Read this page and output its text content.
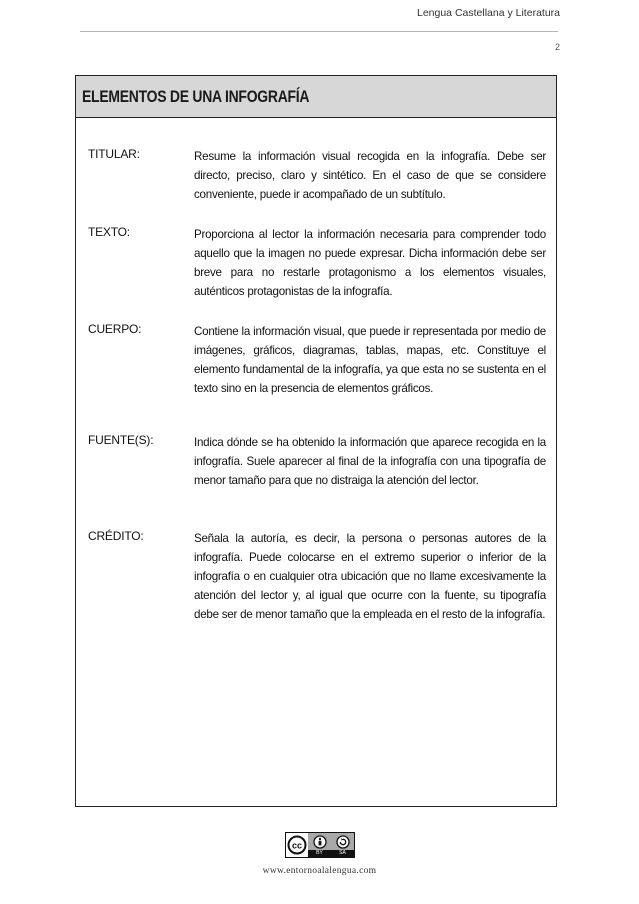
Lengua Castellana y Literatura
2
ELEMENTOS DE UNA INFOGRAFÍA
TITULAR:	Resume la información visual recogida en la infografía. Debe ser directo, preciso, claro y sintético. En el caso de que se considere conveniente, puede ir acompañado de un subtítulo.
TEXTO:	Proporciona al lector la información necesaria para comprender todo aquello que la imagen no puede expresar. Dicha información debe ser breve para no restarle protagonismo a los elementos visuales, auténticos protagonistas de la infografía.
CUERPO:	Contiene la información visual, que puede ir representada por medio de imágenes, gráficos, diagramas, tablas, mapas, etc. Constituye el elemento fundamental de la infografía, ya que esta no se sustenta en el texto sino en la presencia de elementos gráficos.
FUENTE(S):	Indica dónde se ha obtenido la información que aparece recogida en la infografía. Suele aparecer al final de la infografía con una tipografía de menor tamaño para que no distraiga la atención del lector.
CRÉDITO:	Señala la autoría, es decir, la persona o personas autores de la infografía. Puede colocarse en el extremo superior o inferior de la infografía o en cualquier otra ubicación que no llame excesivamente la atención del lector y, al igual que ocurre con la fuente, su tipografía debe ser de menor tamaño que la empleada en el resto de la infografía.
cc
BY	SA
www.entornoalalengua.com
